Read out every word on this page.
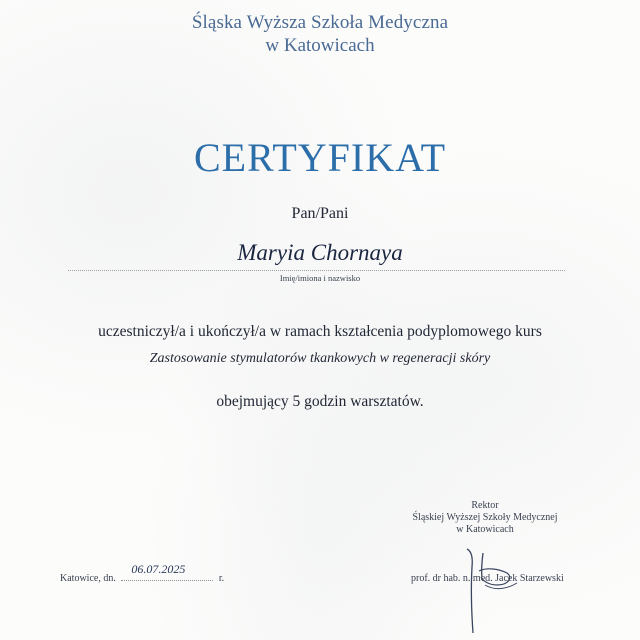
Śląska Wyższa Szkoła Medyczna
w Katowicach
CERTYFIKAT
Pan/Pani
Maryia Chornaya
Imię/imiona i nazwisko
uczestniczył/a i ukończył/a w ramach kształcenia podyplomowego kurs
Zastosowanie stymulatorów tkankowych w regeneracji skóry
obejmujący 5 godzin warsztatów.
Rektor
Śląskiej Wyższej Szkoły Medycznej
w Katowicach
Katowice, dn.
06.07.2025
r.	prof. dr hab. n. med. Jacek Starzewski
